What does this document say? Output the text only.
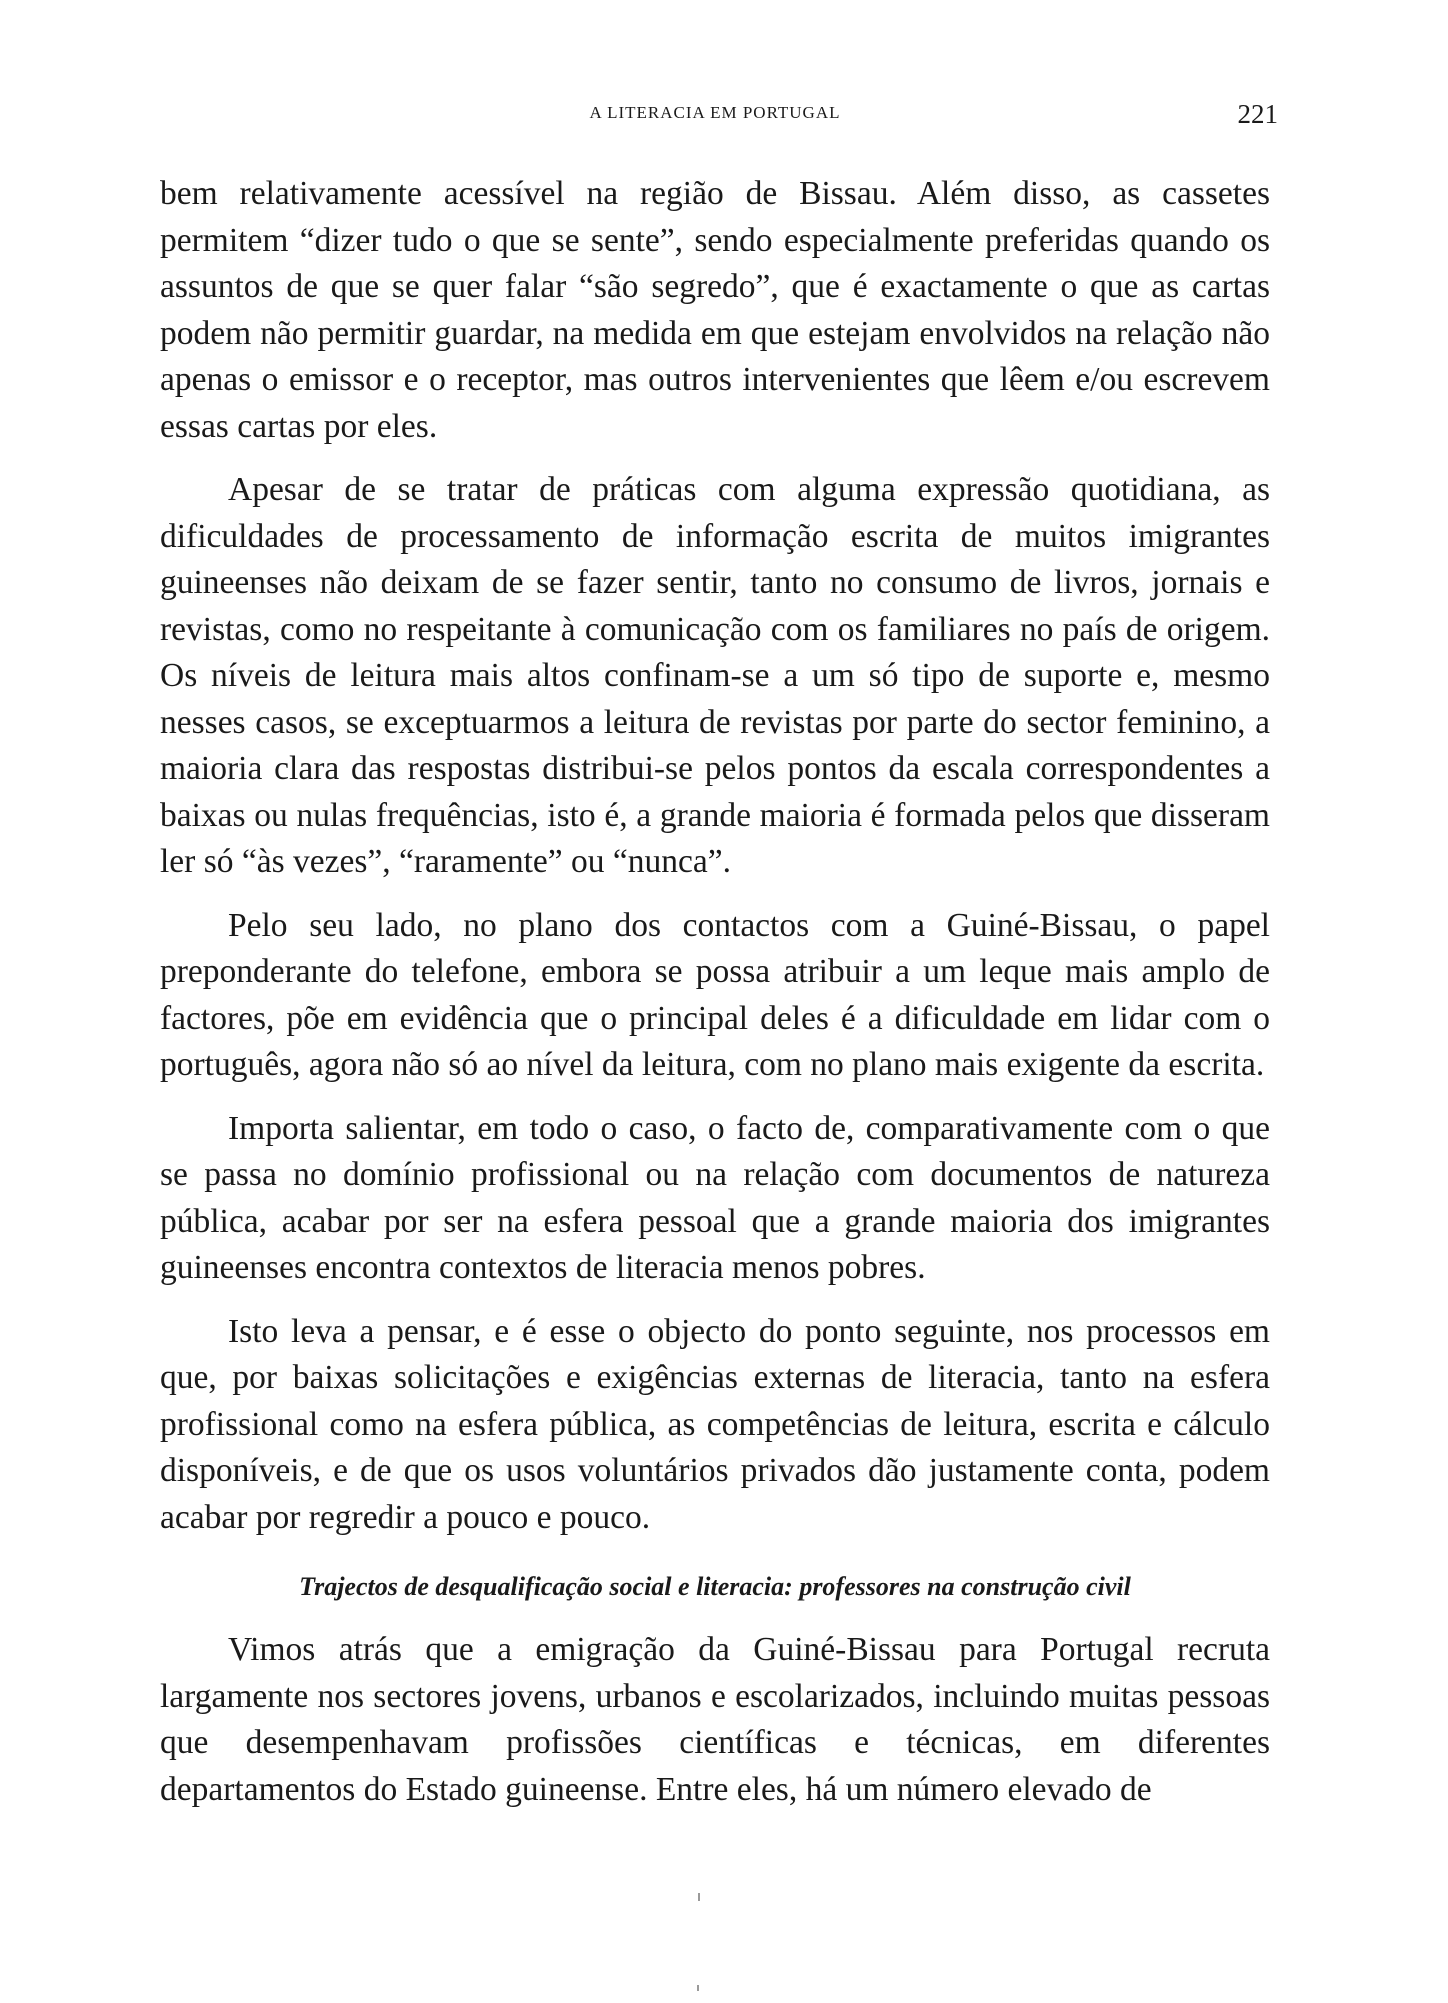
A LITERACIA EM PORTUGAL	221

bem relativamente acessível na região de Bissau. Além disso, as cassetes permitem “dizer tudo o que se sente”, sendo especialmente preferidas quando os assuntos de que se quer falar “são segredo”, que é exactamente o que as cartas podem não permitir guardar, na medida em que estejam envolvidos na relação não apenas o emissor e o receptor, mas outros intervenientes que lêem e/ou escrevem essas cartas por eles.

Apesar de se tratar de práticas com alguma expressão quotidiana, as dificuldades de processamento de informação escrita de muitos imigrantes guineenses não deixam de se fazer sentir, tanto no consumo de livros, jornais e revistas, como no respeitante à comunicação com os familiares no país de origem. Os níveis de leitura mais altos confinam-se a um só tipo de suporte e, mesmo nesses casos, se exceptuarmos a leitura de revistas por parte do sector feminino, a maioria clara das respostas distribui-se pelos pontos da escala correspondentes a baixas ou nulas frequências, isto é, a grande maioria é formada pelos que disseram ler só “às vezes”, “raramente” ou “nunca”.

Pelo seu lado, no plano dos contactos com a Guiné-Bissau, o papel preponderante do telefone, embora se possa atribuir a um leque mais amplo de factores, põe em evidência que o principal deles é a dificuldade em lidar com o português, agora não só ao nível da leitura, com no plano mais exigente da escrita.

Importa salientar, em todo o caso, o facto de, comparativamente com o que se passa no domínio profissional ou na relação com documentos de natureza pública, acabar por ser na esfera pessoal que a grande maioria dos imigrantes guineenses encontra contextos de literacia menos pobres.

Isto leva a pensar, e é esse o objecto do ponto seguinte, nos processos em que, por baixas solicitações e exigências externas de literacia, tanto na esfera profissional como na esfera pública, as competências de leitura, escrita e cálculo disponíveis, e de que os usos voluntários privados dão justamente conta, podem acabar por regredir a pouco e pouco.

Trajectos de desqualificação social e literacia: professores na construção civil

Vimos atrás que a emigração da Guiné-Bissau para Portugal recruta largamente nos sectores jovens, urbanos e escolarizados, incluindo muitas pessoas que desempenhavam profissões científicas e técnicas, em diferentes departamentos do Estado guineense. Entre eles, há um número elevado de
